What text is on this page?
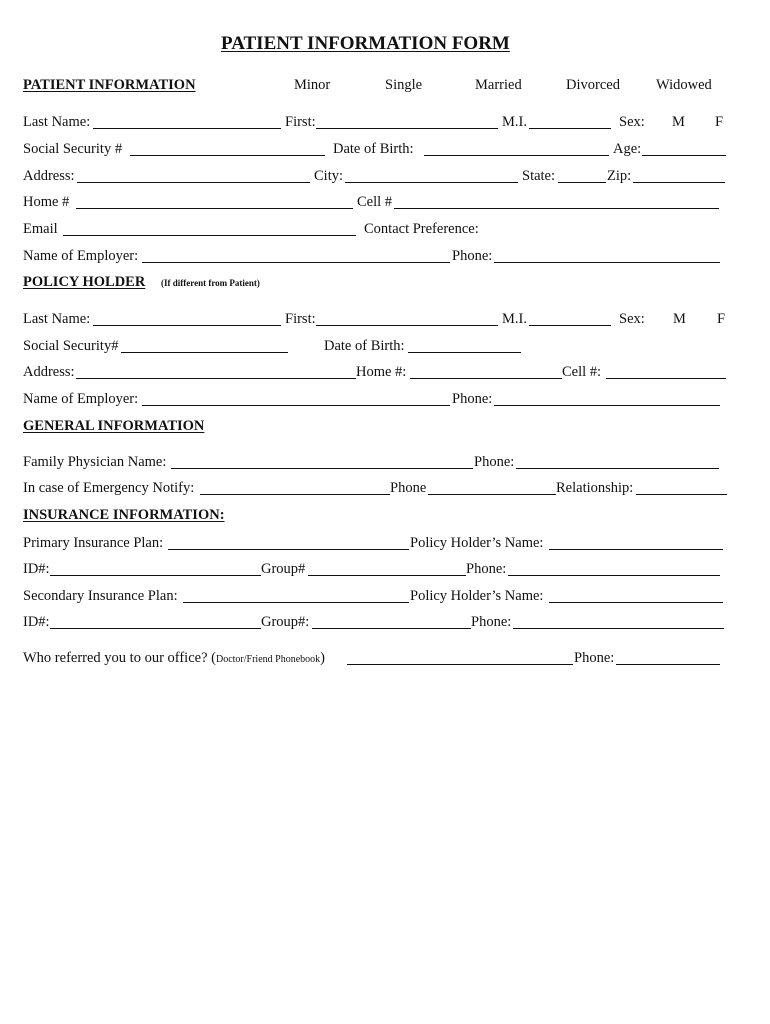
PATIENT INFORMATION FORM
PATIENT INFORMATION	Minor	Single	Married	Divorced Widowed
Last Name:	First:	M.I.	Sex: M F
Social Security #	Date of Birth:	Age:
Address:	City:	State:	Zip:
Home #	Cell #
Email	Contact Preference:
Name of Employer:	Phone:
POLICY HOLDER (If different from Patient)
Last Name:	First:	M.I.	Sex: M F
Social Security#	Date of Birth:
Address:	Home #:	Cell #:
Name of Employer:	Phone:
GENERAL INFORMATION
Family Physician Name:	Phone:
In case of Emergency Notify:	Phone	Relationship:
INSURANCE INFORMATION:
Primary Insurance Plan:	Policy Holder’s Name:
ID#:	Group#	Phone:
Secondary Insurance Plan:	Policy Holder’s Name:
ID#:	Group#:	Phone:
Who referred you to our office? (Doctor/Friend Phonebook)	Phone:
